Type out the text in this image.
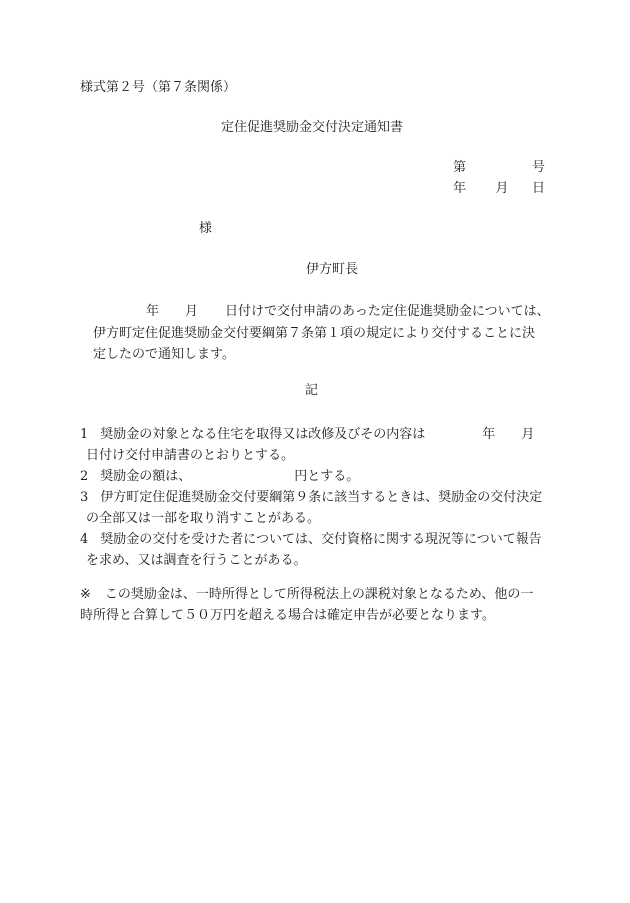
様式第２号（第７条関係）
定住促進奨励金交付決定通知書
第	号
年 月 日
様
伊方町長
年 月 日付けで交付申請のあった定住促進奨励金については、
伊方町定住促進奨励金交付要綱第７条第１項の規定により交付することに決
定したので通知します。
記
1 奨励金の対象となる住宅を取得又は改修及びその内容は	年 月
日付け交付申請書のとおりとする。
2 奨励金の額は、	円とする。
3 伊方町定住促進奨励金交付要綱第９条に該当するときは、奨励金の交付決定
の全部又は一部を取り消すことがある。
4 奨励金の交付を受けた者については、交付資格に関する現況等について報告
を求め、又は調査を行うことがある。
※ この奨励金は、一時所得として所得税法上の課税対象となるため、他の一
時所得と合算して５０万円を超える場合は確定申告が必要となります。
